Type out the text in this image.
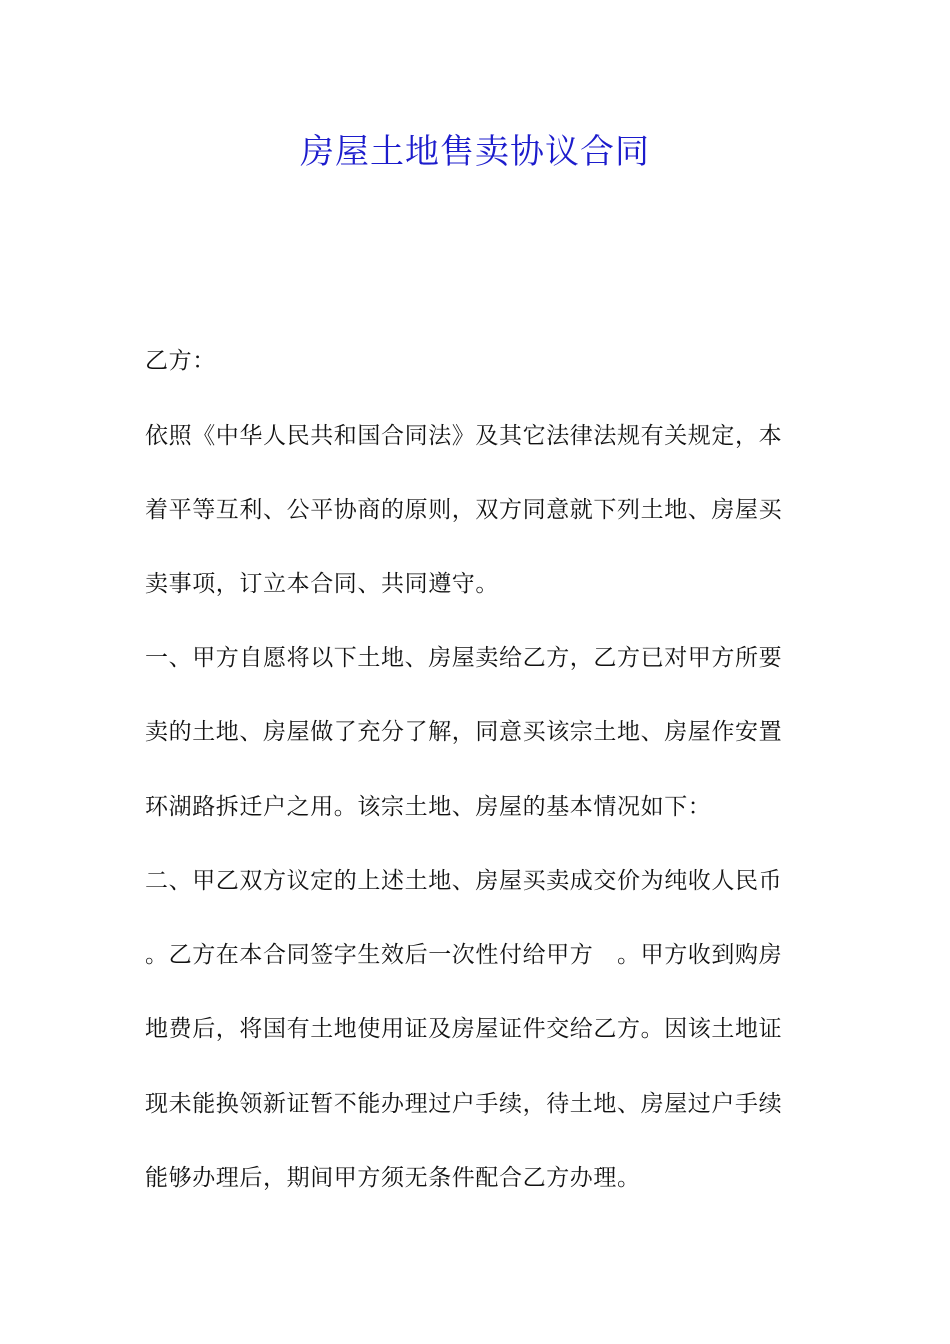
房屋土地售卖协议合同
乙方：
依照《中华人民共和国合同法》及其它法律法规有关规定，本
着平等互利、公平协商的原则，双方同意就下列土地、房屋买
卖事项，订立本合同、共同遵守。
一、甲方自愿将以下土地、房屋卖给乙方，乙方已对甲方所要
卖的土地、房屋做了充分了解，同意买该宗土地、房屋作安置
环湖路拆迁户之用。该宗土地、房屋的基本情况如下：
二、甲乙双方议定的上述土地、房屋买卖成交价为纯收人民币
。乙方在本合同签字生效后一次性付给甲方　。甲方收到购房
地费后，将国有土地使用证及房屋证件交给乙方。因该土地证
现未能换领新证暂不能办理过户手续，待土地、房屋过户手续
能够办理后，期间甲方须无条件配合乙方办理。
